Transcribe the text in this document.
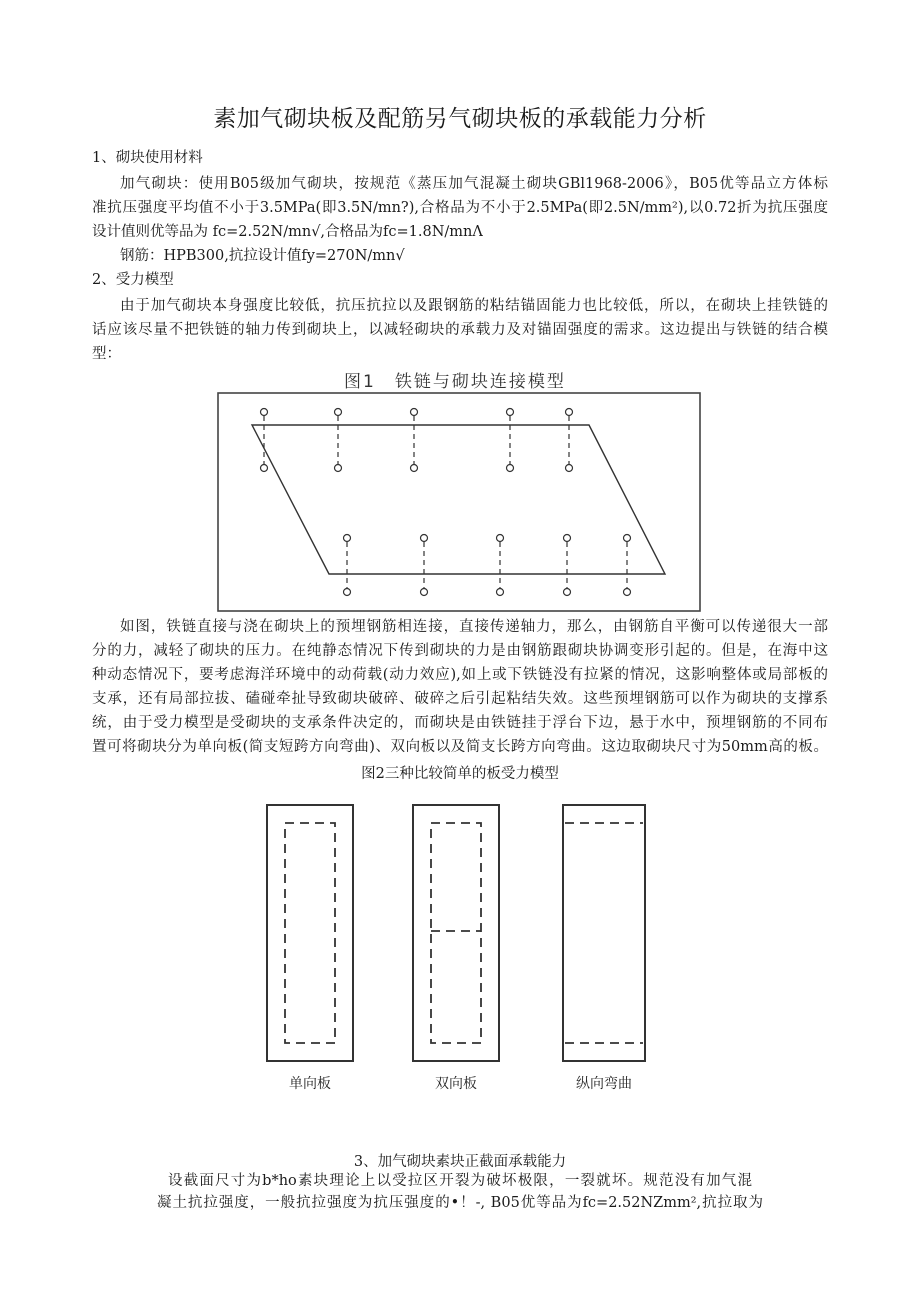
素加气砌块板及配筋另气砌块板的承载能力分析
1、砌块使用材料
加气砌块：使用B05级加气砌块，按规范《蒸压加气混凝土砌块GBl1968-2006》，B05优等品立方体标
准抗压强度平均值不小于3.5MPa(即3.5N∕mn?),合格品为不小于2.5MPa(即2.5N∕mm²),以0.72折为抗压强度
设计值则优等品为 fc=2.52N∕mn√,合格品为fc=1.8N∕mnΛ
钢筋：HPB300,抗拉设计值fy=270N∕mn√
2、受力模型
由于加气砌块本身强度比较低，抗压抗拉以及跟钢筋的粘结锚固能力也比较低，所以，在砌块上挂铁链的
话应该尽量不把铁链的轴力传到砌块上，以减轻砌块的承载力及对锚固强度的需求。这边提出与铁链的结合模
型：
图1　铁链与砌块连接模型
如图，铁链直接与浇在砌块上的预埋钢筋相连接，直接传递轴力，那么，由钢筋自平衡可以传递很大一部
分的力，减轻了砌块的压力。在纯静态情况下传到砌块的力是由钢筋跟砌块协调变形引起的。但是，在海中这
种动态情况下，要考虑海洋环境中的动荷载(动力效应),如上或下铁链没有拉紧的情况，这影响整体或局部板的
支承，还有局部拉拔、磕碰牵扯导致砌块破碎、破碎之后引起粘结失效。这些预埋钢筋可以作为砌块的支撑系
统，由于受力模型是受砌块的支承条件决定的，而砌块是由铁链挂于浮台下边，悬于水中，预埋钢筋的不同布
置可将砌块分为单向板(简支短跨方向弯曲)、双向板以及简支长跨方向弯曲。这边取砌块尺寸为50mm高的板。
图2三种比较简单的板受力模型
单向板	双向板	纵向弯曲
3、加气砌块素块正截面承载能力
设截面尺寸为b*ho素块理论上以受拉区开裂为破坏极限，一裂就坏。规范没有加气混
凝土抗拉强度，一般抗拉强度为抗压强度的•！-, B05优等品为fc=2.52NZmm²,抗拉取为
